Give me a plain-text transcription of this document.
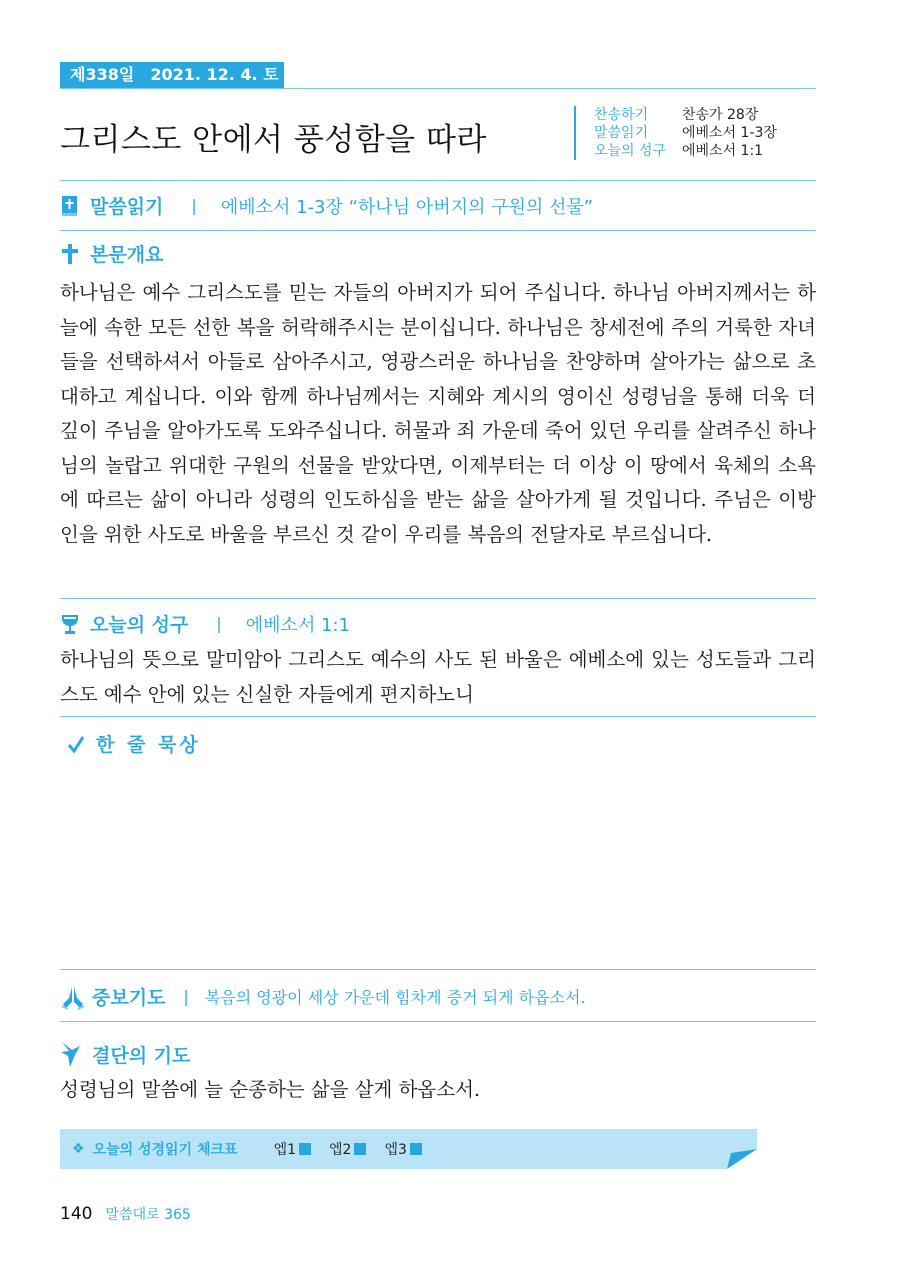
제338일 2021. 12. 4. 토
그리스도 안에서 풍성함을 따라
찬송하기	찬송가 28장
말씀읽기	에베소서 1-3장
오늘의 성구	에베소서 1:1
말씀읽기 | 에베소서 1-3장 “하나님 아버지의 구원의 선물”
본문개요

하나님은 예수 그리스도를 믿는 자들의 아버지가 되어 주십니다. 하나님 아버지께서는 하늘에 속한 모든 선한 복을 허락해주시는 분이십니다. 하나님은 창세전에 주의 거룩한 자녀들을 선택하셔서 아들로 삼아주시고, 영광스러운 하나님을 찬양하며 살아가는 삶으로 초대하고 계십니다. 이와 함께 하나님께서는 지혜와 계시의 영이신 성령님을 통해 더욱 더 깊이 주님을 알아가도록 도와주십니다. 허물과 죄 가운데 죽어 있던 우리를 살려주신 하나님의 놀랍고 위대한 구원의 선물을 받았다면, 이제부터는 더 이상 이 땅에서 육체의 소욕에 따르는 삶이 아니라 성령의 인도하심을 받는 삶을 살아가게 될 것입니다. 주님은 이방인을 위한 사도로 바울을 부르신 것 같이 우리를 복음의 전달자로 부르십니다.

오늘의 성구 | 에베소서 1:1

하나님의 뜻으로 말미암아 그리스도 예수의 사도 된 바울은 에베소에 있는 성도들과 그리스도 예수 안에 있는 신실한 자들에게 편지하노니

한 줄 묵상
중보기도 | 복음의 영광이 세상 가운데 힘차게 증거 되게 하옵소서.
결단의 기도

성령님의 말씀에 늘 순종하는 삶을 살게 하옵소서.

❖ 오늘의 성경읽기 체크표	엡1 엡2 엡3
140 말씀대로 365
